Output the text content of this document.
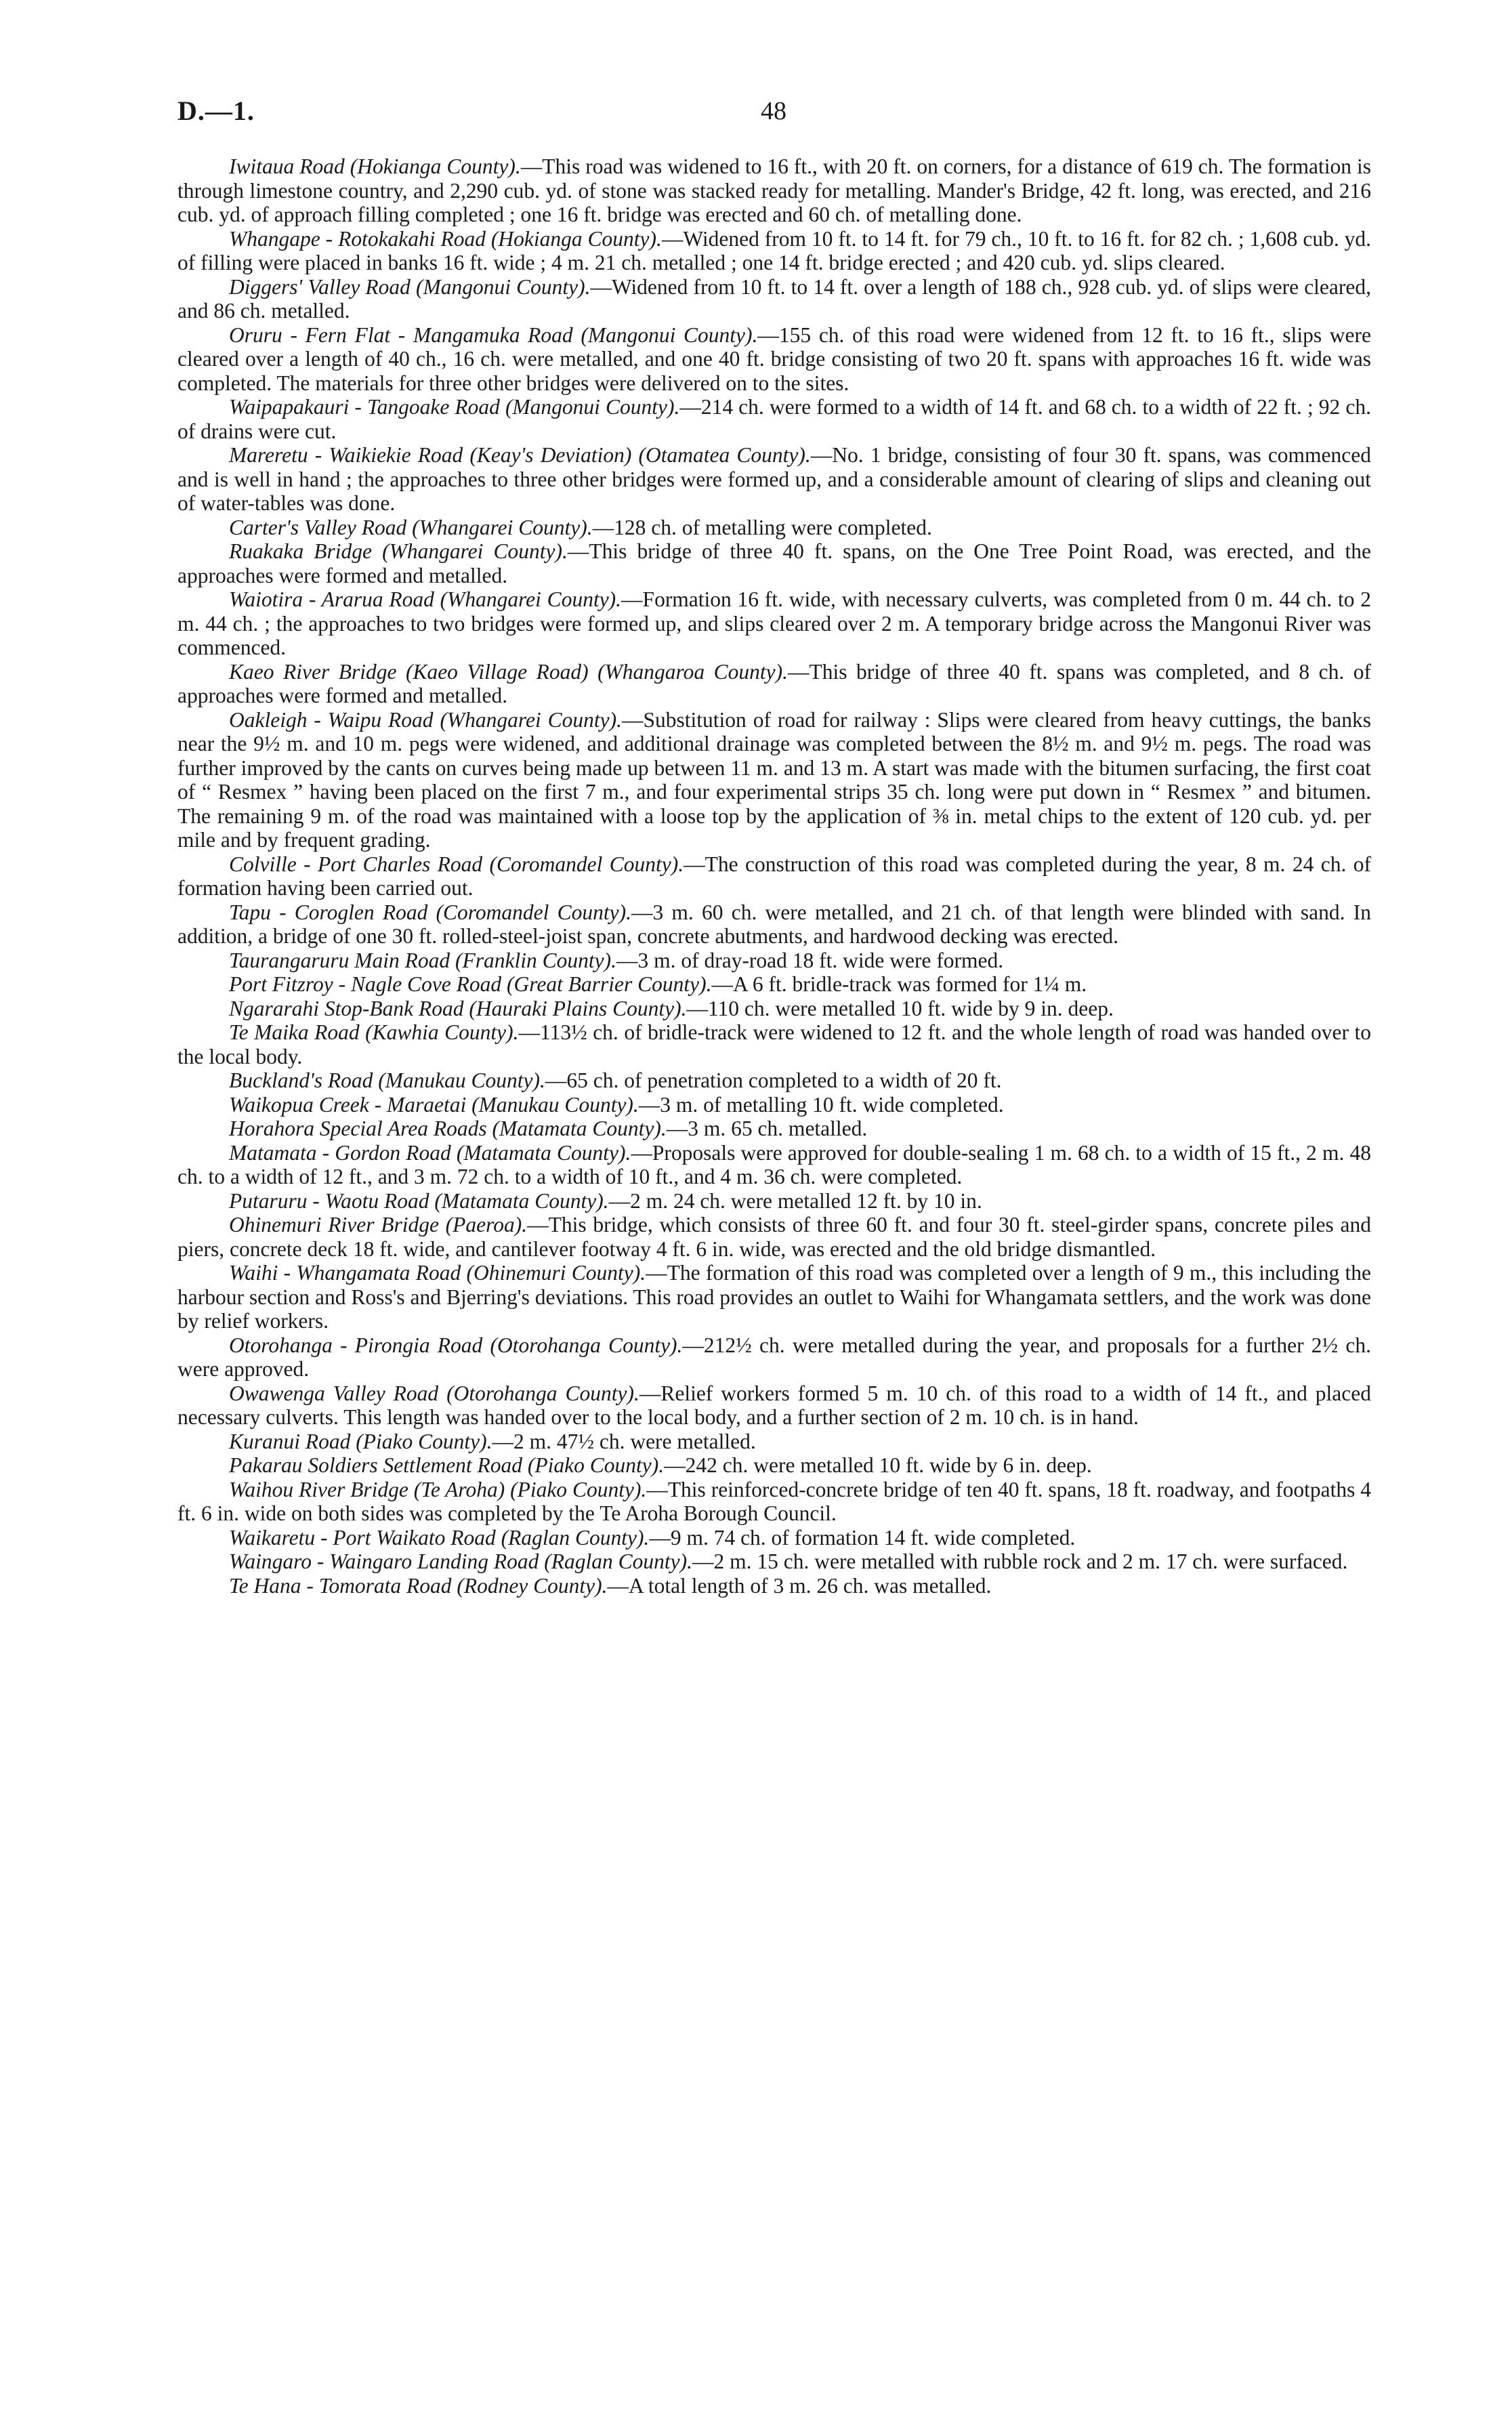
D.—1.	48

Iwitaua Road (Hokianga County).—This road was widened to 16 ft., with 20 ft. on corners, for a distance of 619 ch. The formation is through limestone country, and 2,290 cub. yd. of stone was stacked ready for metalling. Mander's Bridge, 42 ft. long, was erected, and 216 cub. yd. of approach filling completed ; one 16 ft. bridge was erected and 60 ch. of metalling done.

Whangape - Rotokakahi Road (Hokianga County).—Widened from 10 ft. to 14 ft. for 79 ch., 10 ft. to 16 ft. for 82 ch. ; 1,608 cub. yd. of filling were placed in banks 16 ft. wide ; 4 m. 21 ch. metalled ; one 14 ft. bridge erected ; and 420 cub. yd. slips cleared.

Diggers' Valley Road (Mangonui County).—Widened from 10 ft. to 14 ft. over a length of 188 ch., 928 cub. yd. of slips were cleared, and 86 ch. metalled.

Oruru - Fern Flat - Mangamuka Road (Mangonui County).—155 ch. of this road were widened from 12 ft. to 16 ft., slips were cleared over a length of 40 ch., 16 ch. were metalled, and one 40 ft. bridge consisting of two 20 ft. spans with approaches 16 ft. wide was completed. The materials for three other bridges were delivered on to the sites.

Waipapakauri - Tangoake Road (Mangonui County).—214 ch. were formed to a width of 14 ft. and 68 ch. to a width of 22 ft. ; 92 ch. of drains were cut.

Mareretu - Waikiekie Road (Keay's Deviation) (Otamatea County).—No. 1 bridge, consisting of four 30 ft. spans, was commenced and is well in hand ; the approaches to three other bridges were formed up, and a considerable amount of clearing of slips and cleaning out of water-tables was done.

Carter's Valley Road (Whangarei County).—128 ch. of metalling were completed.

Ruakaka Bridge (Whangarei County).—This bridge of three 40 ft. spans, on the One Tree Point Road, was erected, and the approaches were formed and metalled.

Waiotira - Ararua Road (Whangarei County).—Formation 16 ft. wide, with necessary culverts, was completed from 0 m. 44 ch. to 2 m. 44 ch. ; the approaches to two bridges were formed up, and slips cleared over 2 m. A temporary bridge across the Mangonui River was commenced.

Kaeo River Bridge (Kaeo Village Road) (Whangaroa County).—This bridge of three 40 ft. spans was completed, and 8 ch. of approaches were formed and metalled.

Oakleigh - Waipu Road (Whangarei County).—Substitution of road for railway : Slips were cleared from heavy cuttings, the banks near the 9½ m. and 10 m. pegs were widened, and additional drainage was completed between the 8½ m. and 9½ m. pegs. The road was further improved by the cants on curves being made up between 11 m. and 13 m. A start was made with the bitumen surfacing, the first coat of “ Resmex ” having been placed on the first 7 m., and four experimental strips 35 ch. long were put down in “ Resmex ” and bitumen. The remaining 9 m. of the road was maintained with a loose top by the application of ⅜ in. metal chips to the extent of 120 cub. yd. per mile and by frequent grading.

Colville - Port Charles Road (Coromandel County).—The construction of this road was completed during the year, 8 m. 24 ch. of formation having been carried out.

Tapu - Coroglen Road (Coromandel County).—3 m. 60 ch. were metalled, and 21 ch. of that length were blinded with sand. In addition, a bridge of one 30 ft. rolled-steel-joist span, concrete abutments, and hardwood decking was erected.

Taurangaruru Main Road (Franklin County).—3 m. of dray-road 18 ft. wide were formed.

Port Fitzroy - Nagle Cove Road (Great Barrier County).—A 6 ft. bridle-track was formed for 1¼ m.

Ngararahi Stop-Bank Road (Hauraki Plains County).—110 ch. were metalled 10 ft. wide by 9 in. deep.

Te Maika Road (Kawhia County).—113½ ch. of bridle-track were widened to 12 ft. and the whole length of road was handed over to the local body.

Buckland's Road (Manukau County).—65 ch. of penetration completed to a width of 20 ft.

Waikopua Creek - Maraetai (Manukau County).—3 m. of metalling 10 ft. wide completed.

Horahora Special Area Roads (Matamata County).—3 m. 65 ch. metalled.

Matamata - Gordon Road (Matamata County).—Proposals were approved for double-sealing 1 m. 68 ch. to a width of 15 ft., 2 m. 48 ch. to a width of 12 ft., and 3 m. 72 ch. to a width of 10 ft., and 4 m. 36 ch. were completed.

Putaruru - Waotu Road (Matamata County).—2 m. 24 ch. were metalled 12 ft. by 10 in.

Ohinemuri River Bridge (Paeroa).—This bridge, which consists of three 60 ft. and four 30 ft. steel-girder spans, concrete piles and piers, concrete deck 18 ft. wide, and cantilever footway 4 ft. 6 in. wide, was erected and the old bridge dismantled.

Waihi - Whangamata Road (Ohinemuri County).—The formation of this road was completed over a length of 9 m., this including the harbour section and Ross's and Bjerring's deviations. This road provides an outlet to Waihi for Whangamata settlers, and the work was done by relief workers.

Otorohanga - Pirongia Road (Otorohanga County).—212½ ch. were metalled during the year, and proposals for a further 2½ ch. were approved.

Owawenga Valley Road (Otorohanga County).—Relief workers formed 5 m. 10 ch. of this road to a width of 14 ft., and placed necessary culverts. This length was handed over to the local body, and a further section of 2 m. 10 ch. is in hand.

Kuranui Road (Piako County).—2 m. 47½ ch. were metalled.

Pakarau Soldiers Settlement Road (Piako County).—242 ch. were metalled 10 ft. wide by 6 in. deep.

Waihou River Bridge (Te Aroha) (Piako County).—This reinforced-concrete bridge of ten 40 ft. spans, 18 ft. roadway, and footpaths 4 ft. 6 in. wide on both sides was completed by the Te Aroha Borough Council.

Waikaretu - Port Waikato Road (Raglan County).—9 m. 74 ch. of formation 14 ft. wide completed.

Waingaro - Waingaro Landing Road (Raglan County).—2 m. 15 ch. were metalled with rubble rock and 2 m. 17 ch. were surfaced.

Te Hana - Tomorata Road (Rodney County).—A total length of 3 m. 26 ch. was metalled.
